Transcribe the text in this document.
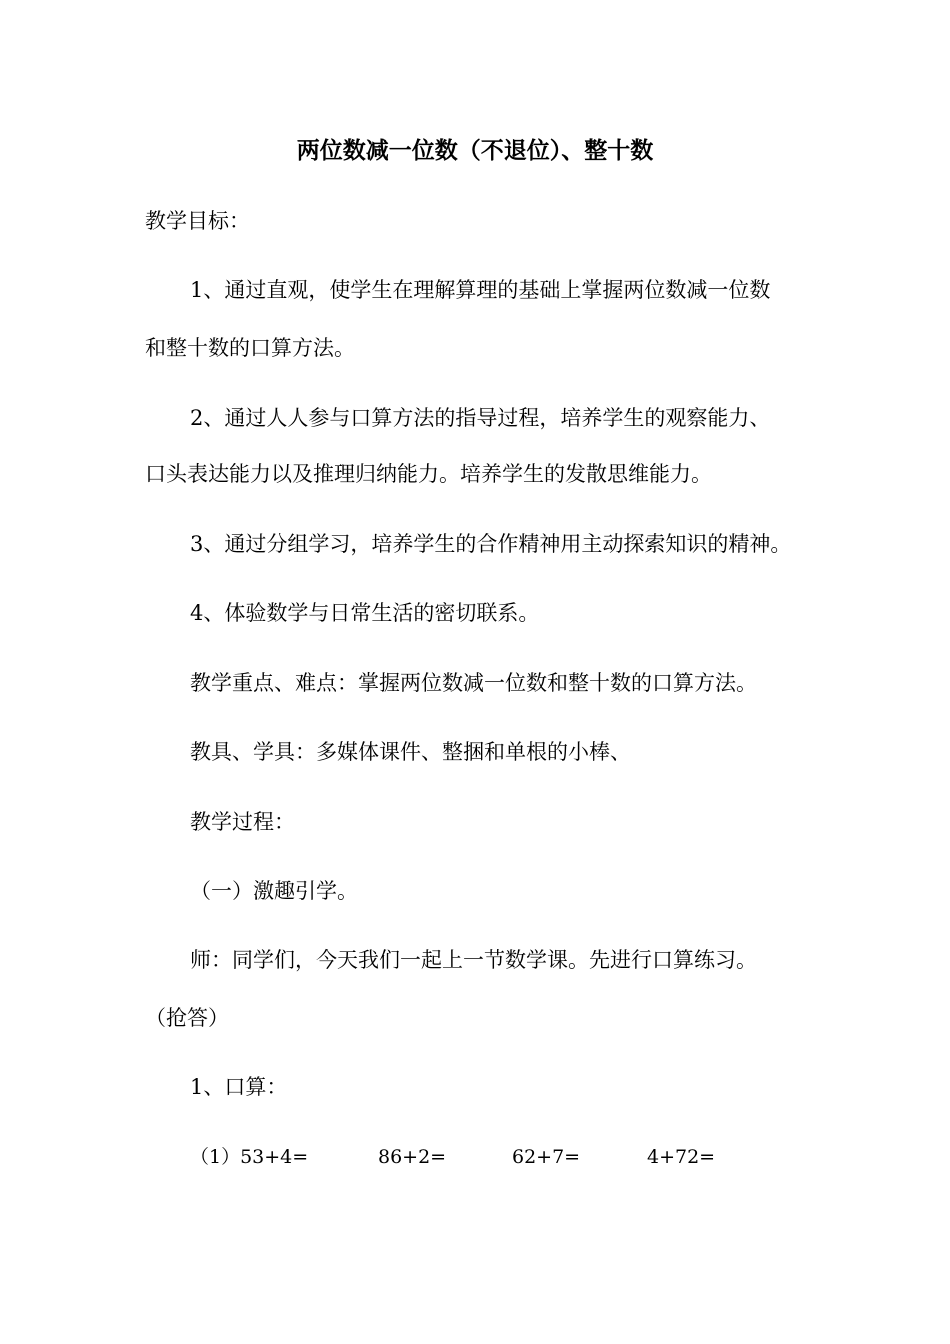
两位数减一位数（不退位）、整十数
教学目标：
1、通过直观，使学生在理解算理的基础上掌握两位数减一位数
和整十数的口算方法。
2、通过人人参与口算方法的指导过程，培养学生的观察能力、
口头表达能力以及推理归纳能力。培养学生的发散思维能力。
3、通过分组学习，培养学生的合作精神用主动探索知识的精神。
4、体验数学与日常生活的密切联系。
教学重点、难点：掌握两位数减一位数和整十数的口算方法。
教具、学具：多媒体课件、整捆和单根的小棒、
教学过程：
（一）激趣引学。
师：同学们，今天我们一起上一节数学课。先进行口算练习。
（抢答）
1、口算：
（1）53+4=	86+2=	62+7=	4+72=
